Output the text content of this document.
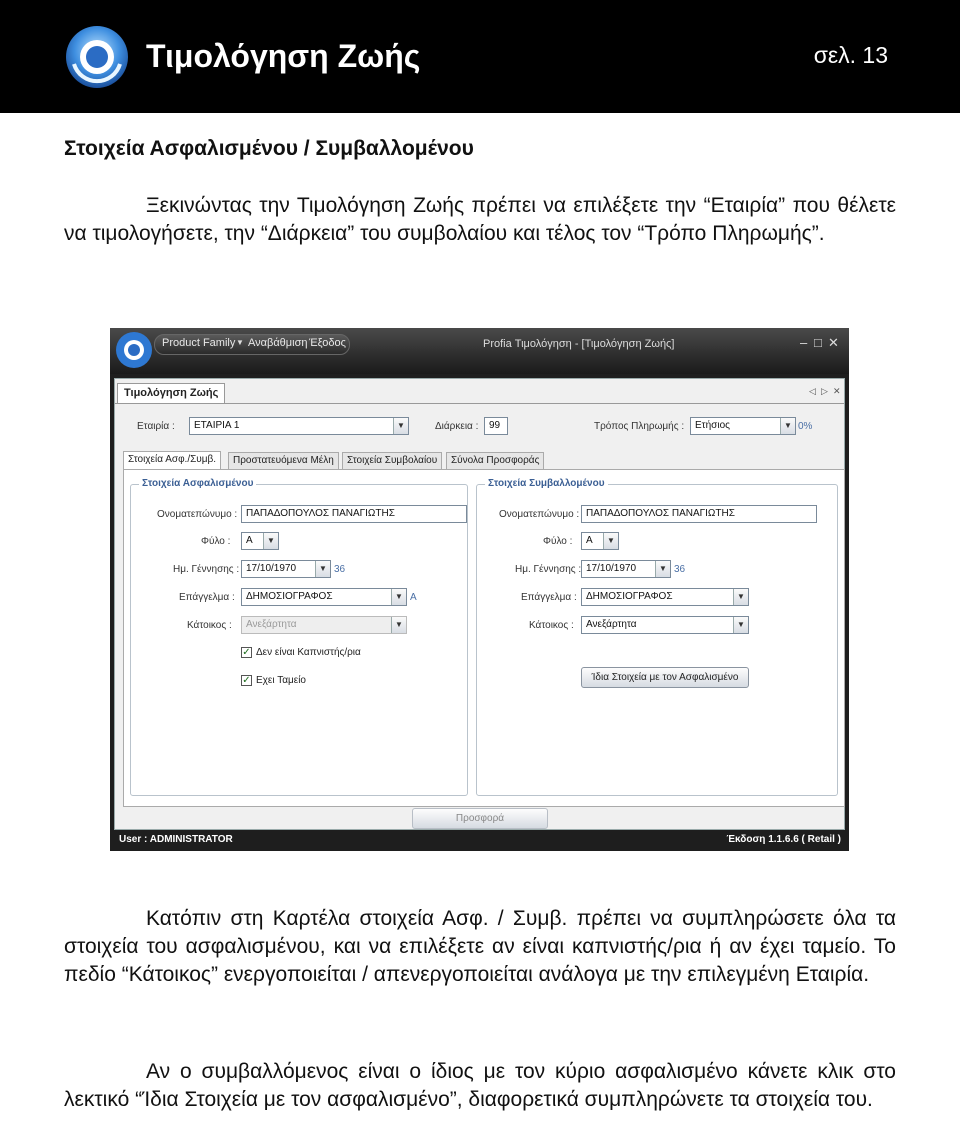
Τιμολόγηση Ζωής	σελ. 13
Στοιχεία Ασφαλισμένου / Συμβαλλομένου
Ξεκινώντας την Τιμολόγηση Ζωής πρέπει να επιλέξετε την “Εταιρία” που θέλετε να τιμολογήσετε, την “Διάρκεια” του συμβολαίου και τέλος τον “Τρόπο Πληρωμής”.
Product Family ▼ Αναβάθμιση Έξοδος	Profia Τιμολόγηση - [Τιμολόγηση Ζωής]	– □ ✕
Τιμολόγηση Ζωής	◁ ▷ ✕
Εταιρία :	ΕΤΑΙΡΙΑ 1	▼	Διάρκεια :	99	Τρόπος Πληρωμής :	Ετήσιος	▼ 0%
Στοιχεία Ασφ./Συμβ.	Προστατευόμενα Μέλη	Στοιχεία Συμβολαίου	Σύνολα Προσφοράς
Στοιχεία Ασφαλισμένου
Ονοματεπώνυμο : ΠΑΠΑΔΟΠΟΥΛΟΣ ΠΑΝΑΓΙΩΤΗΣ
Φύλο :	Α	▼
Ημ. Γέννησης : 17/10/1970	▼ 36
Επάγγελμα :	ΔΗΜΟΣΙΟΓΡΑΦΟΣ	▼ Α
Κάτοικος :	Ανεξάρτητα	▼
✓ Δεν είναι Καπνιστής/ρια
✓ Εχει Ταμείο
Στοιχεία Συμβαλλομένου
Ονοματεπώνυμο : ΠΑΠΑΔΟΠΟΥΛΟΣ ΠΑΝΑΓΙΩΤΗΣ
Φύλο :	Α	▼
Ημ. Γέννησης : 17/10/1970	▼ 36
Επάγγελμα : ΔΗΜΟΣΙΟΓΡΑΦΟΣ	▼
Κάτοικος :	Ανεξάρτητα	▼
Ίδια Στοιχεία με τον Ασφαλισμένο
Προσφορά
User : ADMINISTRATOR	Έκδοση 1.1.6.6 ( Retail )
Κατόπιν στη Καρτέλα στοιχεία Ασφ. / Συμβ. πρέπει να συμπληρώσετε όλα τα στοιχεία του ασφαλισμένου, και να επιλέξετε αν είναι καπνιστής/ρια ή αν έχει ταμείο. Το πεδίο “Κάτοικος” ενεργοποιείται / απενεργοποιείται ανάλογα με την επιλεγμένη Εταιρία.
Αν ο συμβαλλόμενος είναι ο ίδιος με τον κύριο ασφαλισμένο κάνετε κλικ στο λεκτικό “Ίδια Στοιχεία με τον ασφαλισμένο”, διαφορετικά συμπληρώνετε τα στοιχεία του.
